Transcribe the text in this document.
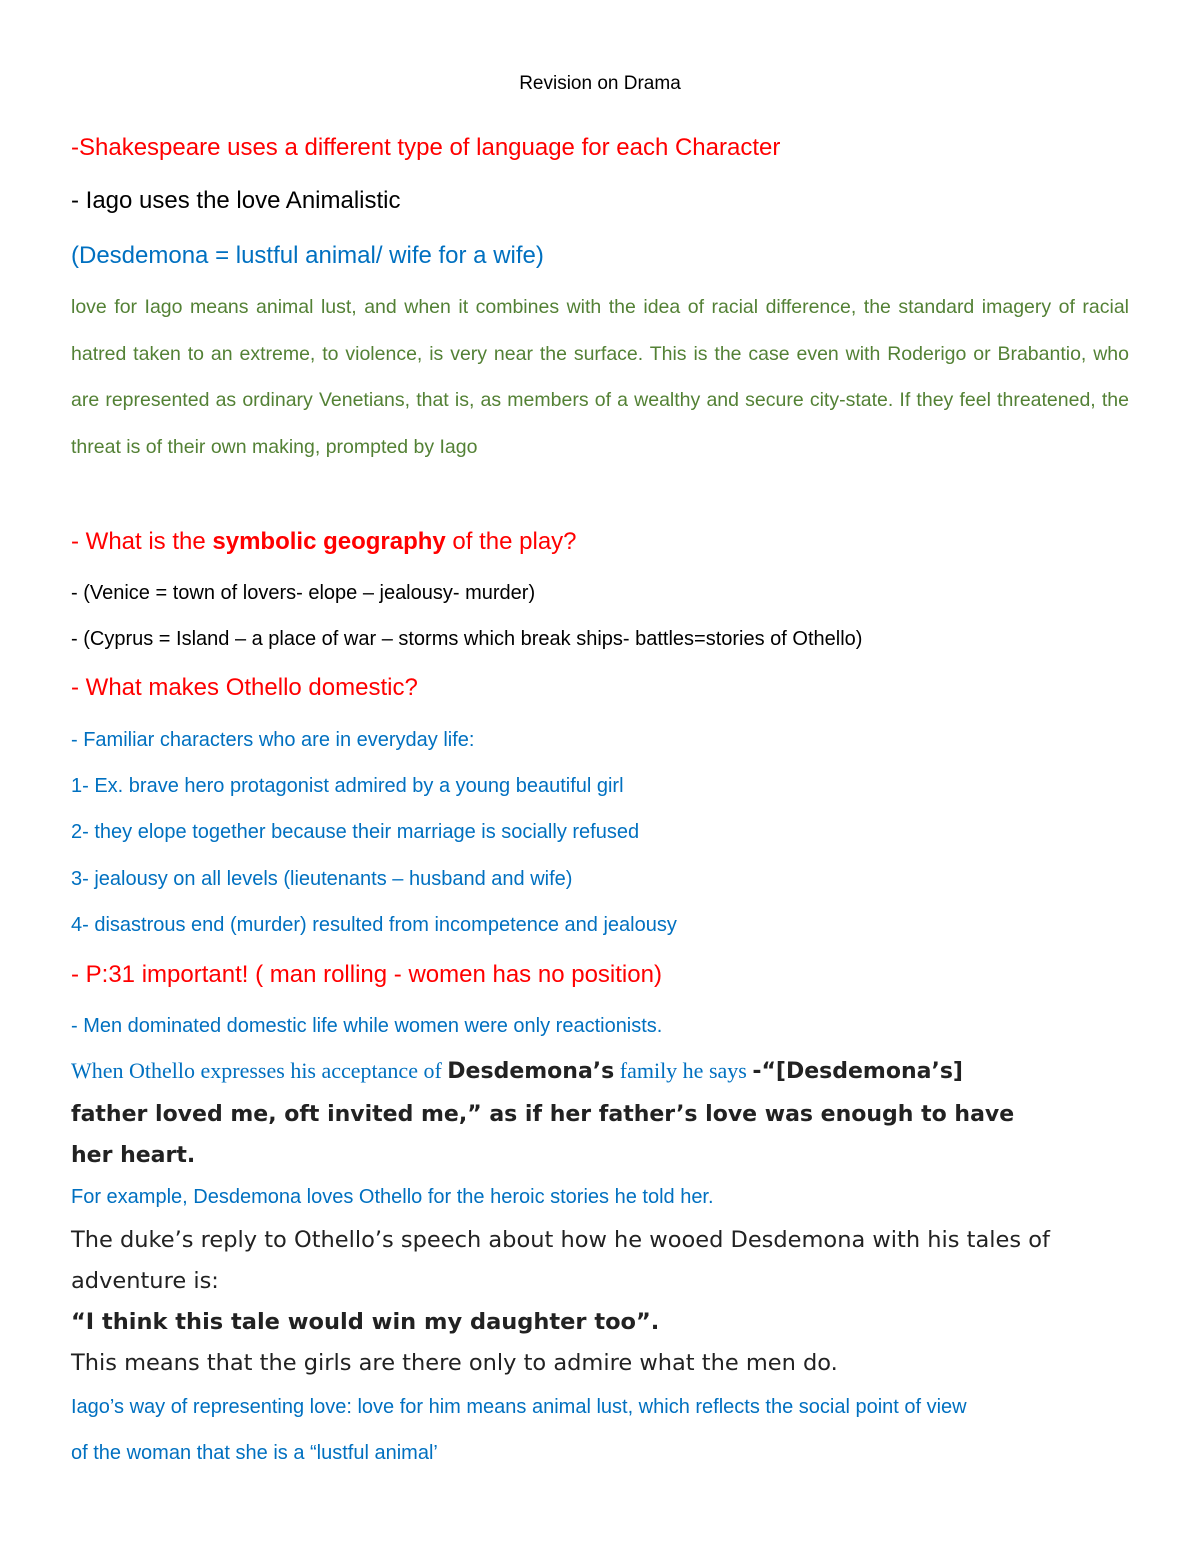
Revision on Drama
-Shakespeare uses a different type of language for each Character
- Iago uses the love Animalistic
(Desdemona = lustful animal/ wife for a wife)

love for Iago means animal lust, and when it combines with the idea of racial difference, the standard imagery of racial hatred taken to an extreme, to violence, is very near the surface. This is the case even with Roderigo or Brabantio, who are represented as ordinary Venetians, that is, as members of a wealthy and secure city-state. If they feel threatened, the threat is of their own making, prompted by Iago

- What is the symbolic geography of the play?
- (Venice = town of lovers- elope – jealousy- murder)
- (Cyprus = Island – a place of war – storms which break ships- battles=stories of Othello)
- What makes Othello domestic?
- Familiar characters who are in everyday life:
1- Ex. brave hero protagonist admired by a young beautiful girl
2- they elope together because their marriage is socially refused
3- jealousy on all levels (lieutenants – husband and wife)
4- disastrous end (murder) resulted from incompetence and jealousy
- P:31 important! ( man rolling - women has no position)
- Men dominated domestic life while women were only reactionists.
When Othello expresses his acceptance of Desdemona’s family he says -“[Desdemona’s]
father loved me, oft invited me,” as if her father’s love was enough to have
her heart.
For example, Desdemona loves Othello for the heroic stories he told her.
The duke’s reply to Othello’s speech about how he wooed Desdemona with his tales of
adventure is:
“I think this tale would win my daughter too”.
This means that the girls are there only to admire what the men do.
Iago’s way of representing love: love for him means animal lust, which reflects the social point of view
of the woman that she is a “lustful animal’
